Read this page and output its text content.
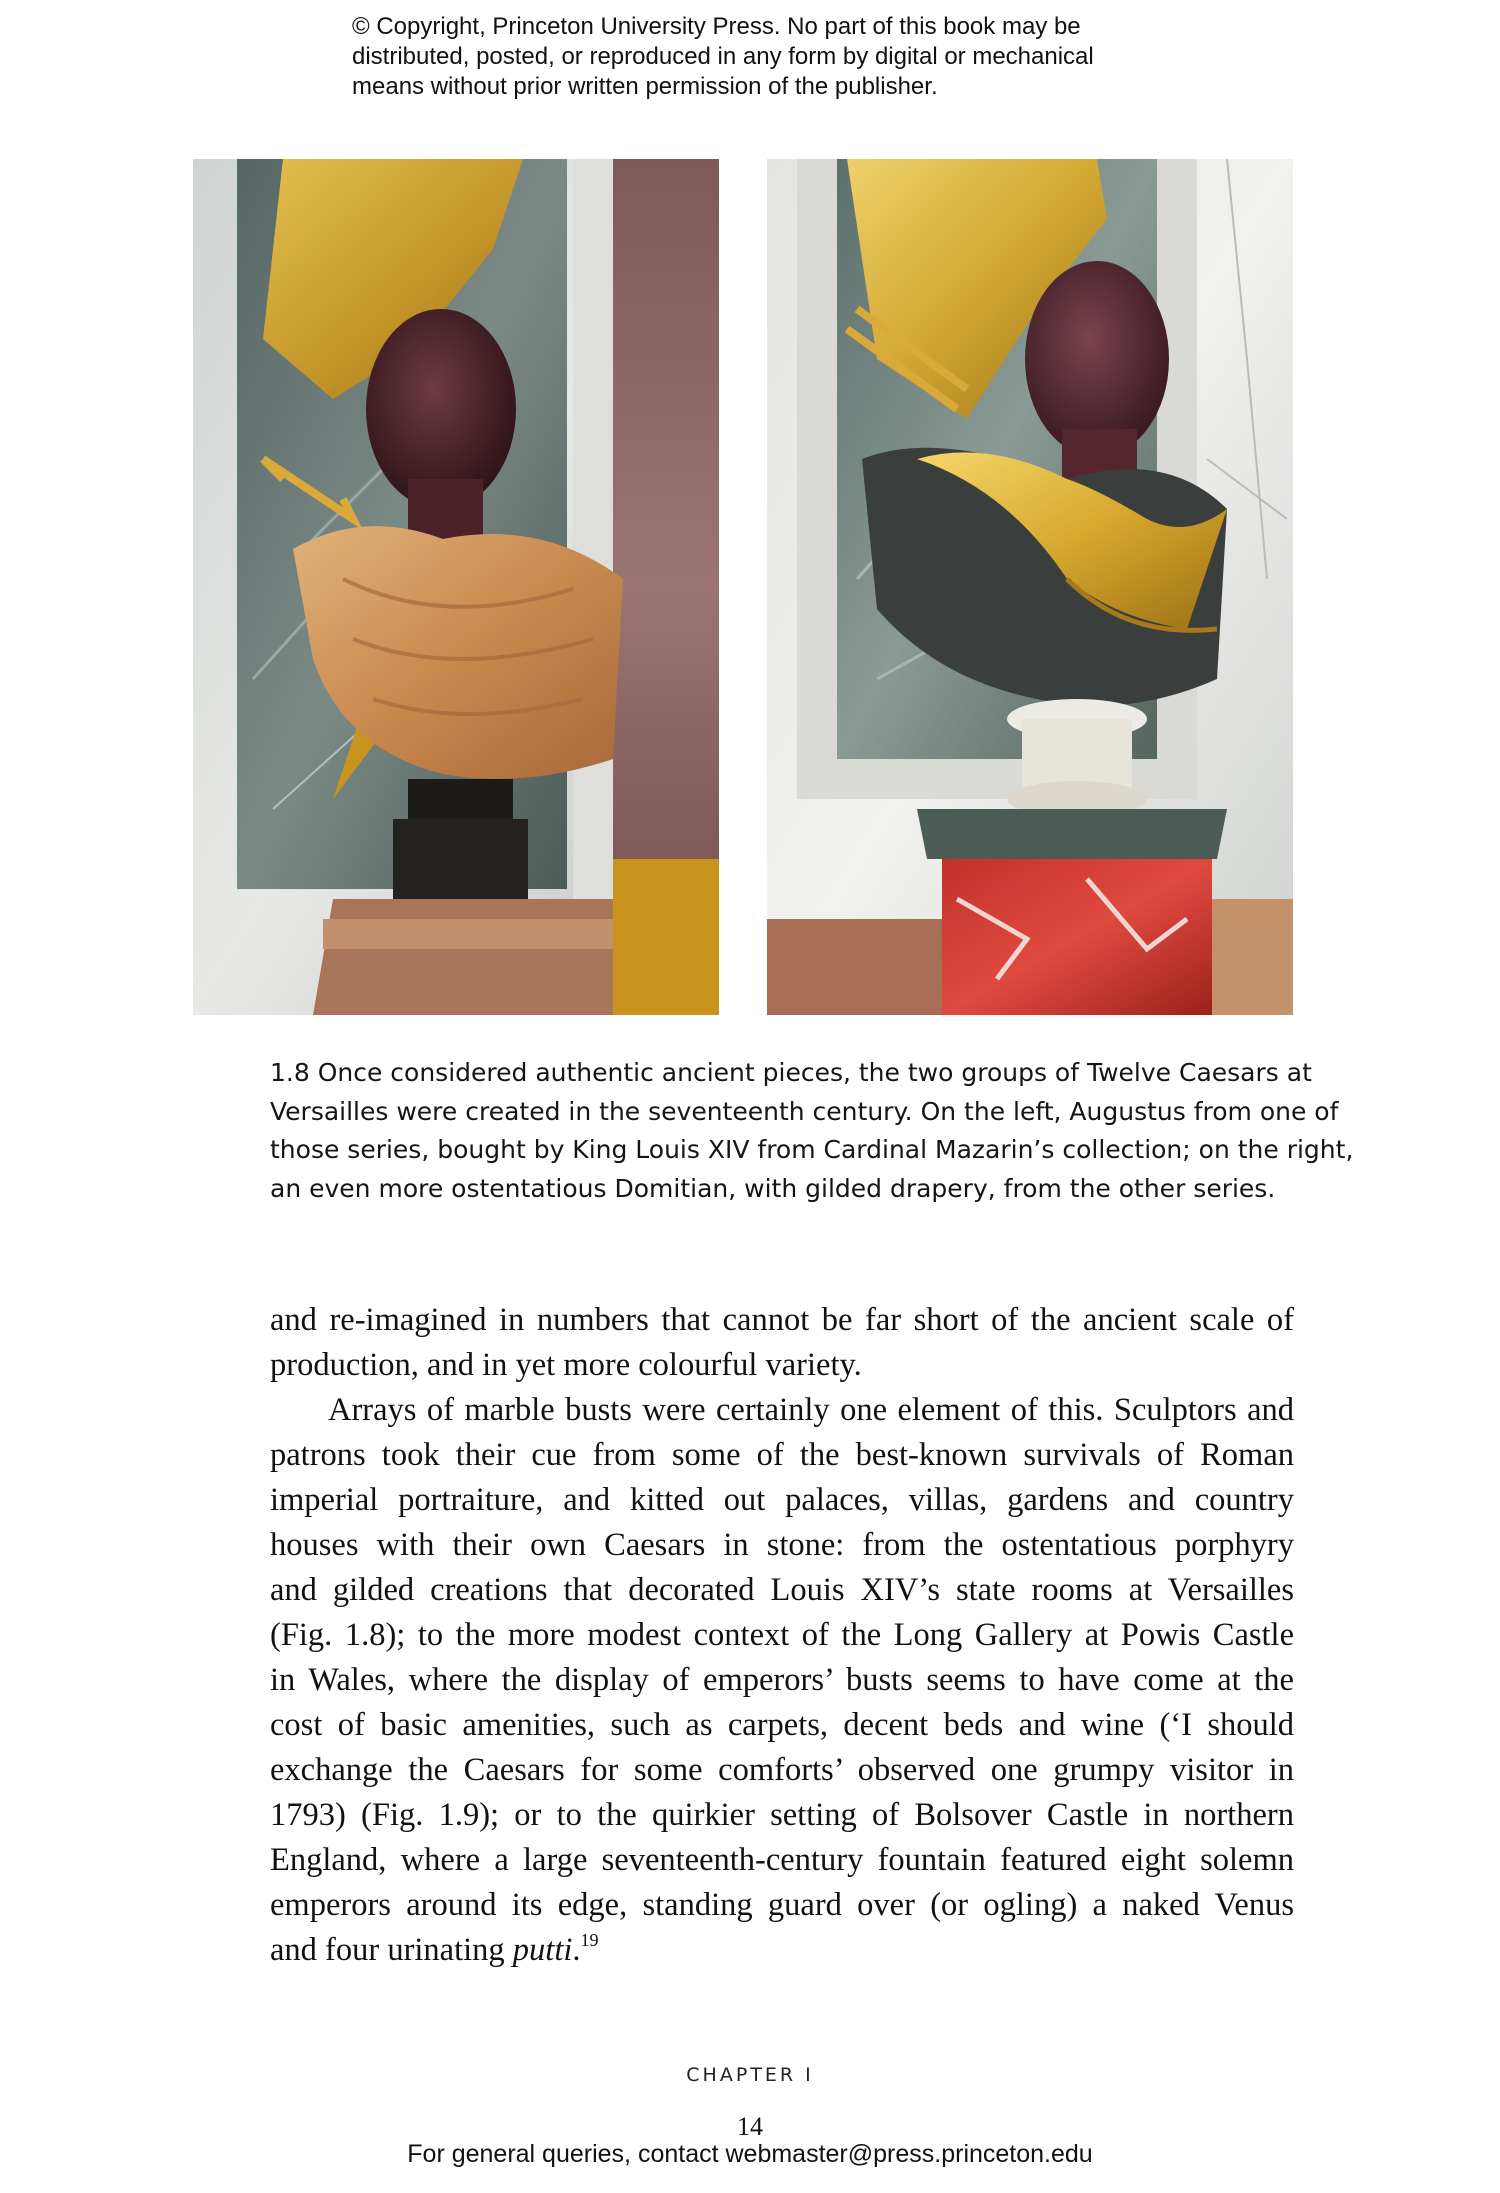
© Copyright, Princeton University Press. No part of this book may be
distributed, posted, or reproduced in any form by digital or mechanical
means without prior written permission of the publisher.
1.8 Once considered authentic ancient pieces, the two groups of Twelve Caesars at
Versailles were created in the seventeenth century. On the left, Augustus from one of
those series, bought by King Louis XIV from Cardinal Mazarin’s collection; on the right,
an even more ostentatious Domitian, with gilded drapery, from the other series.
and re-imagined in numbers that cannot be far short of the ancient scale of
production, and in yet more colourful variety.
Arrays of marble busts were certainly one element of this. Sculptors and
patrons took their cue from some of the best-known survivals of Roman
imperial portraiture, and kitted out palaces, villas, gardens and country
houses with their own Caesars in stone: from the ostentatious porphyry
and gilded creations that decorated Louis XIV’s state rooms at Versailles
(Fig. 1.8); to the more modest context of the Long Gallery at Powis Castle
in Wales, where the display of emperors’ busts seems to have come at the
cost of basic amenities, such as carpets, decent beds and wine (‘I should
exchange the Caesars for some comforts’ observed one grumpy visitor in
1793) (Fig. 1.9); or to the quirkier setting of Bolsover Castle in northern
England, where a large seventeenth-century fountain featured eight solemn
emperors around its edge, standing guard over (or ogling) a naked Venus
and four urinating putti.$^{19}$
CHAPTER I
14
For general queries, contact webmaster@press.princeton.edu
